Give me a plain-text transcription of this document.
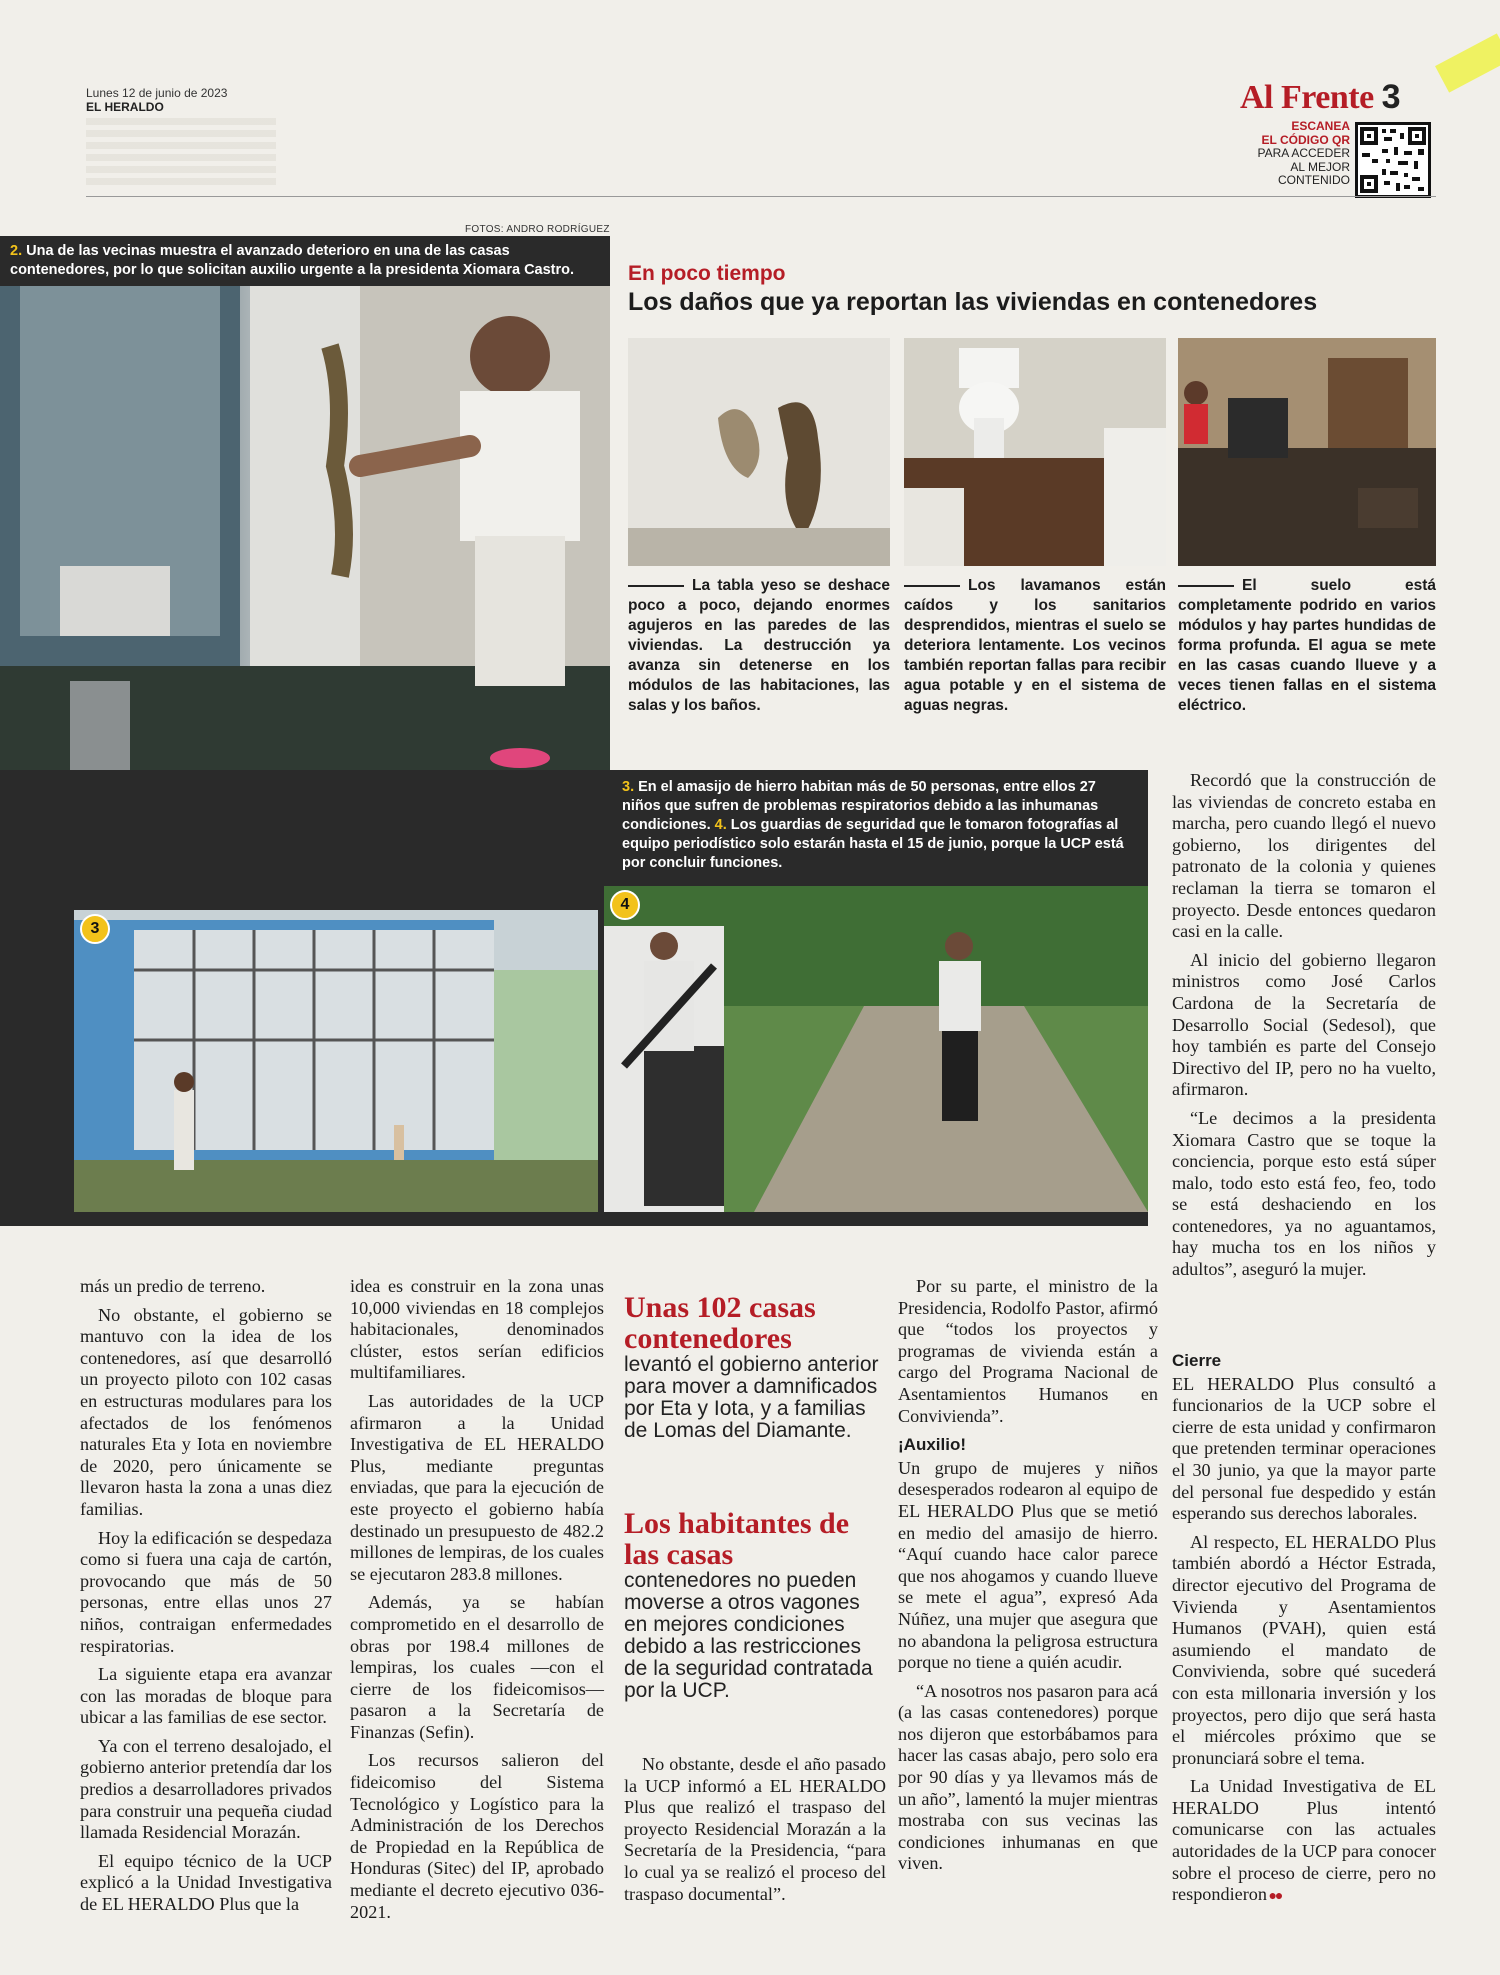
Lunes 12 de junio de 2023
EL HERALDO	Al Frente 3
ESCANEA
EL CÓDIGO QR
PARA ACCEDER
AL MEJOR
CONTENIDO
FOTOS: ANDRO RODRÍGUEZ
2. Una de las vecinas muestra el avanzado deterioro en una de las casas contenedores, por lo que solicitan auxilio urgente a la presidenta Xiomara Castro.	En poco tiempo
Los daños que ya reportan las viviendas en contenedores
La tabla yeso se deshace poco a poco, dejando enormes agujeros en las paredes de las viviendas. La destrucción ya avanza sin detenerse en los módulos de las habitaciones, las salas y los baños.
Los lavamanos están caídos y los sanitarios desprendidos, mientras el suelo se deteriora lentamente. Los vecinos también reportan fallas para recibir agua potable y en el sistema de aguas negras.
El suelo está completamente podrido en varios módulos y hay partes hundidas de forma profunda. El agua se mete en las casas cuando llueve y a veces tienen fallas en el sistema eléctrico.
3. En el amasijo de hierro habitan más de 50 personas, entre ellos 27 niños que sufren de problemas respiratorios debido a las inhumanas condiciones. 4. Los guardias de seguridad que le tomaron fotografías al equipo periodístico solo estarán hasta el 15 de junio, porque la UCP está por concluir funciones.
3
4

Recordó que la construcción de las viviendas de concreto estaba en marcha, pero cuando llegó el nuevo gobierno, los dirigentes del patronato de la colonia y quienes reclaman la tierra se tomaron el proyecto. Desde entonces quedaron casi en la calle.

Al inicio del gobierno llegaron ministros como José Carlos Cardona de la Secretaría de Desarrollo Social (Sedesol), que hoy también es parte del Consejo Directivo del IP, pero no ha vuelto, afirmaron.

“Le decimos a la presidenta Xiomara Castro que se toque la conciencia, porque esto está súper malo, todo esto está feo, feo, todo se está deshaciendo en los contenedores, ya no aguantamos, hay mucha tos en los niños y adultos”, aseguró la mujer.

más un predio de terreno.

No obstante, el gobierno se mantuvo con la idea de los contenedores, así que desarrolló un proyecto piloto con 102 casas en estructuras modulares para los afectados de los fenómenos naturales Eta y Iota en noviembre de 2020, pero únicamente se llevaron hasta la zona a unas diez familias.

Hoy la edificación se despedaza como si fuera una caja de cartón, provocando que más de 50 personas, entre ellas unos 27 niños, contraigan enfermedades respiratorias.

La siguiente etapa era avanzar con las moradas de bloque para ubicar a las familias de ese sector.

Ya con el terreno desalojado, el gobierno anterior pretendía dar los predios a desarrolladores privados para construir una pequeña ciudad llamada Residencial Morazán.

El equipo técnico de la UCP explicó a la Unidad Investigativa de EL HERALDO Plus que la

idea es construir en la zona unas 10,000 viviendas en 18 complejos habitacionales, denominados clúster, estos serían edificios multifamiliares.

Las autoridades de la UCP afirmaron a la Unidad Investigativa de EL HERALDO Plus, mediante preguntas enviadas, que para la ejecución de este proyecto el gobierno había destinado un presupuesto de 482.2 millones de lempiras, de los cuales se ejecutaron 283.8 millones.

Además, ya se habían comprometido en el desarrollo de obras por 198.4 millones de lempiras, los cuales —con el cierre de los fideicomisos— pasaron a la Secretaría de Finanzas (Sefin).

Los recursos salieron del fideicomiso del Sistema Tecnológico y Logístico para la Administración de los Derechos de Propiedad en la República de Honduras (Sitec) del IP, aprobado mediante el decreto ejecutivo 036-2021.

Unas 102 casas contenedores
levantó el gobierno anterior para mover a damnificados por Eta y Iota, y a familias de Lomas del Diamante.
Los habitantes de las casas
contenedores no pueden moverse a otros vagones en mejores condiciones debido a las restricciones de la seguridad contratada por la UCP.

No obstante, desde el año pasado la UCP informó a EL HERALDO Plus que realizó el traspaso del proyecto Residencial Morazán a la Secretaría de la Presidencia, “para lo cual ya se realizó el proceso del traspaso documental”.

Por su parte, el ministro de la Presidencia, Rodolfo Pastor, afirmó que “todos los proyectos y programas de vivienda están a cargo del Programa Nacional de Asentamientos Humanos en Conviviendа”.

¡Auxilio!

Un grupo de mujeres y niños desesperados rodearon al equipo de EL HERALDO Plus que se metió en medio del amasijo de hierro. “Aquí cuando hace calor parece que nos ahogamos y cuando llueve se mete el agua”, expresó Ada Núñez, una mujer que asegura que no abandona la peligrosa estructura porque no tiene a quién acudir.

“A nosotros nos pasaron para acá (a las casas contenedores) porque nos dijeron que estorbábamos para hacer las casas abajo, pero solo era por 90 días y ya llevamos más de un año”, lamentó la mujer mientras mostraba con sus vecinas las condiciones inhumanas en que viven.

Cierre

EL HERALDO Plus consultó a funcionarios de la UCP sobre el cierre de esta unidad y confirmaron que pretenden terminar operaciones el 30 junio, ya que la mayor parte del personal fue despedido y están esperando sus derechos laborales.

Al respecto, EL HERALDO Plus también abordó a Héctor Estrada, director ejecutivo del Programa de Vivienda y Asentamientos Humanos (PVAH), quien está asumiendo el mandato de Convivienda, sobre qué sucederá con esta millonaria inversión y los proyectos, pero dijo que será hasta el miércoles próximo que se pronunciará sobre el tema.

La Unidad Investigativa de EL HERALDO Plus intentó comunicarse con las actuales autoridades de la UCP para conocer sobre el proceso de cierre, pero no respondieron ●●
